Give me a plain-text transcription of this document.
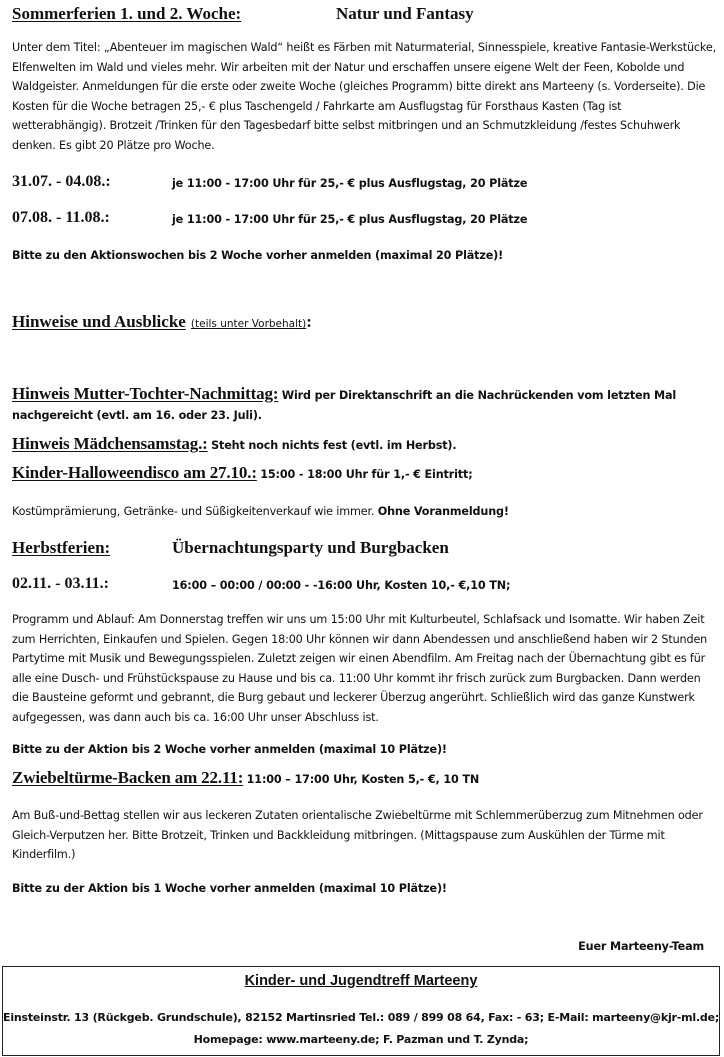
Sommerferien 1. und 2. Woche:	Natur und Fantasy
Unter dem Titel: „Abenteuer im magischen Wald“ heißt es Färben mit Naturmaterial, Sinnesspiele, kreative Fantasie-Werkstücke, Elfenwelten im Wald und vieles mehr. Wir arbeiten mit der Natur und erschaffen unsere eigene Welt der Feen, Kobolde und Waldgeister. Anmeldungen für die erste oder zweite Woche (gleiches Programm) bitte direkt ans Marteeny (s. Vorderseite). Die Kosten für die Woche betragen 25,- € plus Taschengeld / Fahrkarte am Ausflugstag für Forsthaus Kasten (Tag ist wetterabhängig). Brotzeit /Trinken für den Tagesbedarf bitte selbst mitbringen und an Schmutzkleidung /festes Schuhwerk denken. Es gibt 20 Plätze pro Woche.
31.07. - 04.08.:	je 11:00 - 17:00 Uhr für 25,- € plus Ausflugstag, 20 Plätze
07.08. - 11.08.:	je 11:00 - 17:00 Uhr für 25,- € plus Ausflugstag, 20 Plätze
Bitte zu den Aktionswochen bis 2 Woche vorher anmelden (maximal 20 Plätze)!
Hinweise und Ausblicke (teils unter Vorbehalt):
Hinweis Mutter-Tochter-Nachmittag: Wird per Direktanschrift an die Nachrückenden vom letzten Mal nachgereicht (evtl. am 16. oder 23. Juli).
Hinweis Mädchensamstag.: Steht noch nichts fest (evtl. im Herbst).
Kinder-Halloweendisco am 27.10.: 15:00 - 18:00 Uhr für 1,- € Eintritt;
Kostümprämierung, Getränke- und Süßigkeitenverkauf wie immer. Ohne Voranmeldung!
Herbstferien:	Übernachtungsparty und Burgbacken
02.11. - 03.11.:	16:00 – 00:00 / 00:00 - -16:00 Uhr, Kosten 10,- €,10 TN;
Programm und Ablauf: Am Donnerstag treffen wir uns um 15:00 Uhr mit Kulturbeutel, Schlafsack und Isomatte. Wir haben Zeit zum Herrichten, Einkaufen und Spielen. Gegen 18:00 Uhr können wir dann Abendessen und anschließend haben wir 2 Stunden Partytime mit Musik und Bewegungsspielen. Zuletzt zeigen wir einen Abendfilm. Am Freitag nach der Übernachtung gibt es für alle eine Dusch- und Frühstückspause zu Hause und bis ca. 11:00 Uhr kommt ihr frisch zurück zum Burgbacken. Dann werden die Bausteine geformt und gebrannt, die Burg gebaut und leckerer Überzug angerührt. Schließlich wird das ganze Kunstwerk aufgegessen, was dann auch bis ca. 16:00 Uhr unser Abschluss ist.
Bitte zu der Aktion bis 2 Woche vorher anmelden (maximal 10 Plätze)!
Zwiebeltürme-Backen am 22.11: 11:00 – 17:00 Uhr, Kosten 5,- €, 10 TN
Am Buß-und-Bettag stellen wir aus leckeren Zutaten orientalische Zwiebeltürme mit Schlemmerüberzug zum Mitnehmen oder Gleich-Verputzen her. Bitte Brotzeit, Trinken und Backkleidung mitbringen. (Mittagspause zum Auskühlen der Türme mit Kinderfilm.)
Bitte zu der Aktion bis 1 Woche vorher anmelden (maximal 10 Plätze)!
Euer Marteeny-Team
Kinder- und Jugendtreff Marteeny
Einsteinstr. 13 (Rückgeb. Grundschule), 82152 Martinsried Tel.: 089 / 899 08 64, Fax: - 63; E-Mail: marteeny@kjr-ml.de;
Homepage: www.marteeny.de; F. Pazman und T. Zynda;
